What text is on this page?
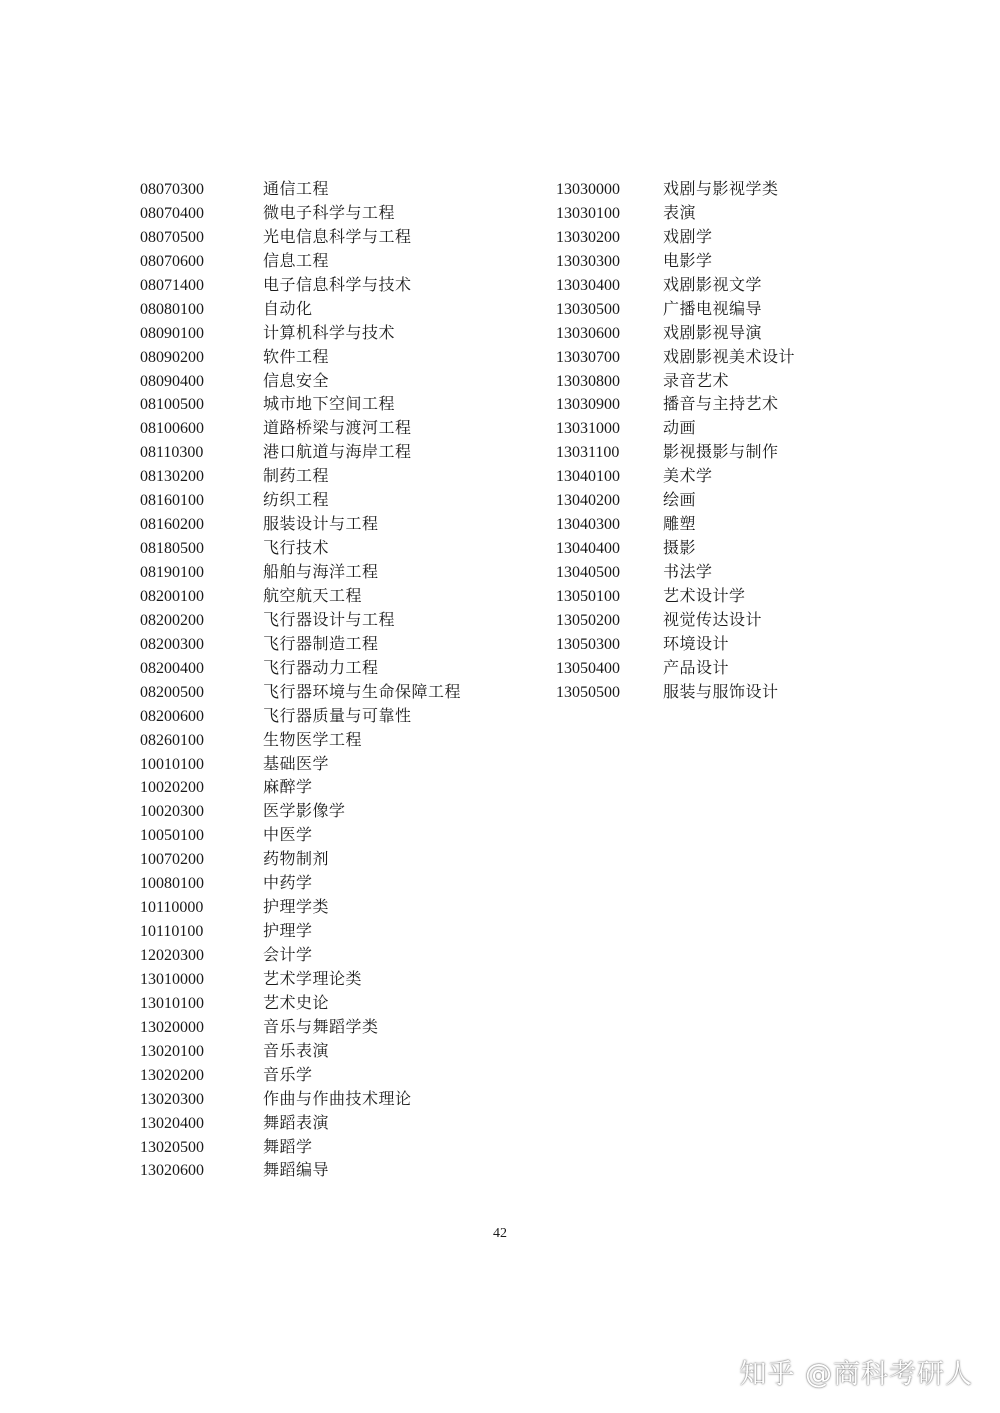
08070300	通信工程
08070400	微电子科学与工程
08070500	光电信息科学与工程
08070600	信息工程
08071400	电子信息科学与技术
08080100	自动化
08090100	计算机科学与技术
08090200	软件工程
08090400	信息安全
08100500	城市地下空间工程
08100600	道路桥梁与渡河工程
08110300	港口航道与海岸工程
08130200	制药工程
08160100	纺织工程
08160200	服装设计与工程
08180500	飞行技术
08190100	船舶与海洋工程
08200100	航空航天工程
08200200	飞行器设计与工程
08200300	飞行器制造工程
08200400	飞行器动力工程
08200500	飞行器环境与生命保障工程
08200600	飞行器质量与可靠性
08260100	生物医学工程
10010100	基础医学
10020200	麻醉学
10020300	医学影像学
10050100	中医学
10070200	药物制剂
10080100	中药学
10110000	护理学类
10110100	护理学
12020300	会计学
13010000	艺术学理论类
13010100	艺术史论
13020000	音乐与舞蹈学类
13020100	音乐表演
13020200	音乐学
13020300	作曲与作曲技术理论
13020400	舞蹈表演
13020500	舞蹈学
13020600	舞蹈编导
13030000	戏剧与影视学类
13030100	表演
13030200	戏剧学
13030300	电影学
13030400	戏剧影视文学
13030500	广播电视编导
13030600	戏剧影视导演
13030700	戏剧影视美术设计
13030800	录音艺术
13030900	播音与主持艺术
13031000	动画
13031100	影视摄影与制作
13040100	美术学
13040200	绘画
13040300	雕塑
13040400	摄影
13040500	书法学
13050100	艺术设计学
13050200	视觉传达设计
13050300	环境设计
13050400	产品设计
13050500	服装与服饰设计
42
知乎 @商科考研人
